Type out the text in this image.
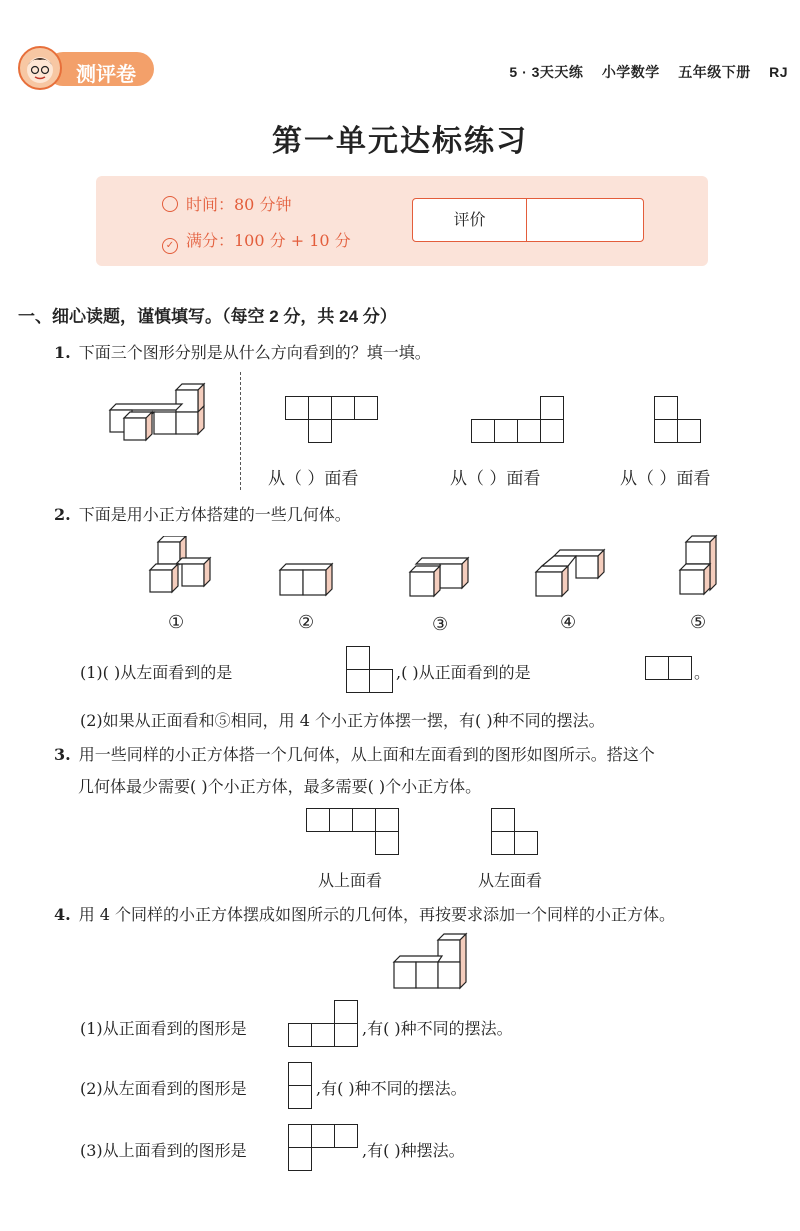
测评卷	5 · 3天天练 小学数学 五年级下册 RJ
第一单元达标练习
时间：80 分钟
✓ 满分：100 分 + 10 分
评价
一、细心读题，谨慎填写。（每空 2 分，共 24 分）
1. 下面三个图形分别是从什么方向看到的？填一填。
从（ ）面看	从（ ）面看	从（ ）面看
2. 下面是用小正方体搭建的一些几何体。
①	②	③	④	⑤
(1)( )从左面看到的是	,( )从正面看到的是	。
(2)如果从正面看和⑤相同，用 4 个小正方体摆一摆，有( )种不同的摆法。
3. 用一些同样的小正方体搭一个几何体，从上面和左面看到的图形如图所示。搭这个
几何体最少需要( )个小正方体，最多需要( )个小正方体。
从上面看	从左面看
4. 用 4 个同样的小正方体摆成如图所示的几何体，再按要求添加一个同样的小正方体。
(1)从正面看到的图形是	,有( )种不同的摆法。
(2)从左面看到的图形是	,有( )种不同的摆法。
(3)从上面看到的图形是	,有( )种摆法。
